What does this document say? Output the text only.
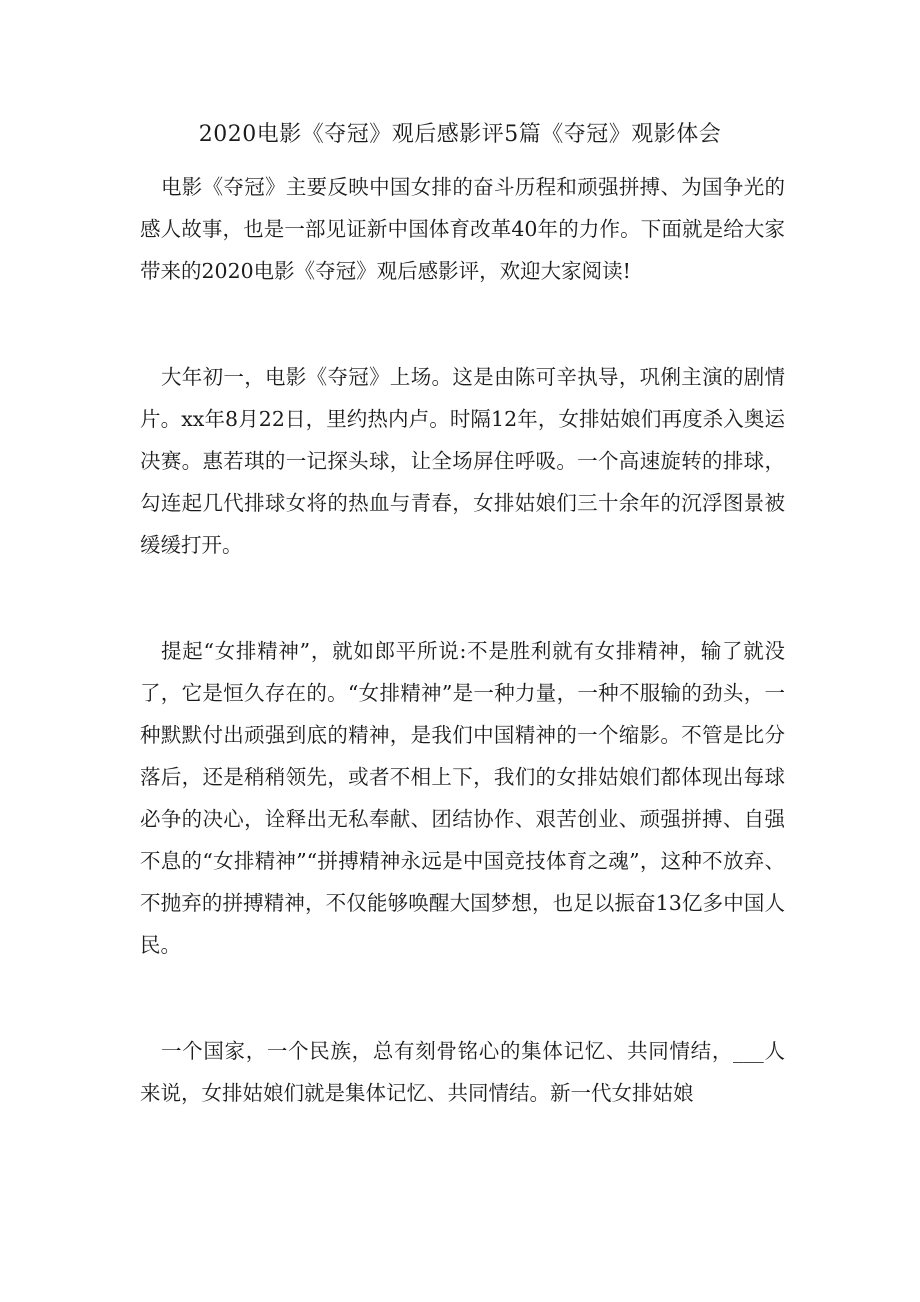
2020电影《夺冠》观后感影评5篇《夺冠》观影体会

电影《夺冠》主要反映中国女排的奋斗历程和顽强拼搏、为国争光的感人故事，也是一部见证新中国体育改革40年的力作。下面就是给大家带来的2020电影《夺冠》观后感影评，欢迎大家阅读!

大年初一，电影《夺冠》上场。这是由陈可辛执导，巩俐主演的剧情片。xx年8月22日，里约热内卢。时隔12年，女排姑娘们再度杀入奥运决赛。惠若琪的一记探头球，让全场屏住呼吸。一个高速旋转的排球，勾连起几代排球女将的热血与青春，女排姑娘们三十余年的沉浮图景被缓缓打开。

提起“女排精神”，就如郎平所说:不是胜利就有女排精神，输了就没了，它是恒久存在的。“女排精神”是一种力量，一种不服输的劲头，一种默默付出顽强到底的精神，是我们中国精神的一个缩影。不管是比分落后，还是稍稍领先，或者不相上下，我们的女排姑娘们都体现出每球必争的决心，诠释出无私奉献、团结协作、艰苦创业、顽强拼搏、自强不息的“女排精神”“拼搏精神永远是中国竞技体育之魂”，这种不放弃、不抛弃的拼搏精神，不仅能够唤醒大国梦想，也足以振奋13亿多中国人民。

一个国家，一个民族，总有刻骨铭心的集体记忆、共同情结，___人来说，女排姑娘们就是集体记忆、共同情结。新一代女排姑娘
